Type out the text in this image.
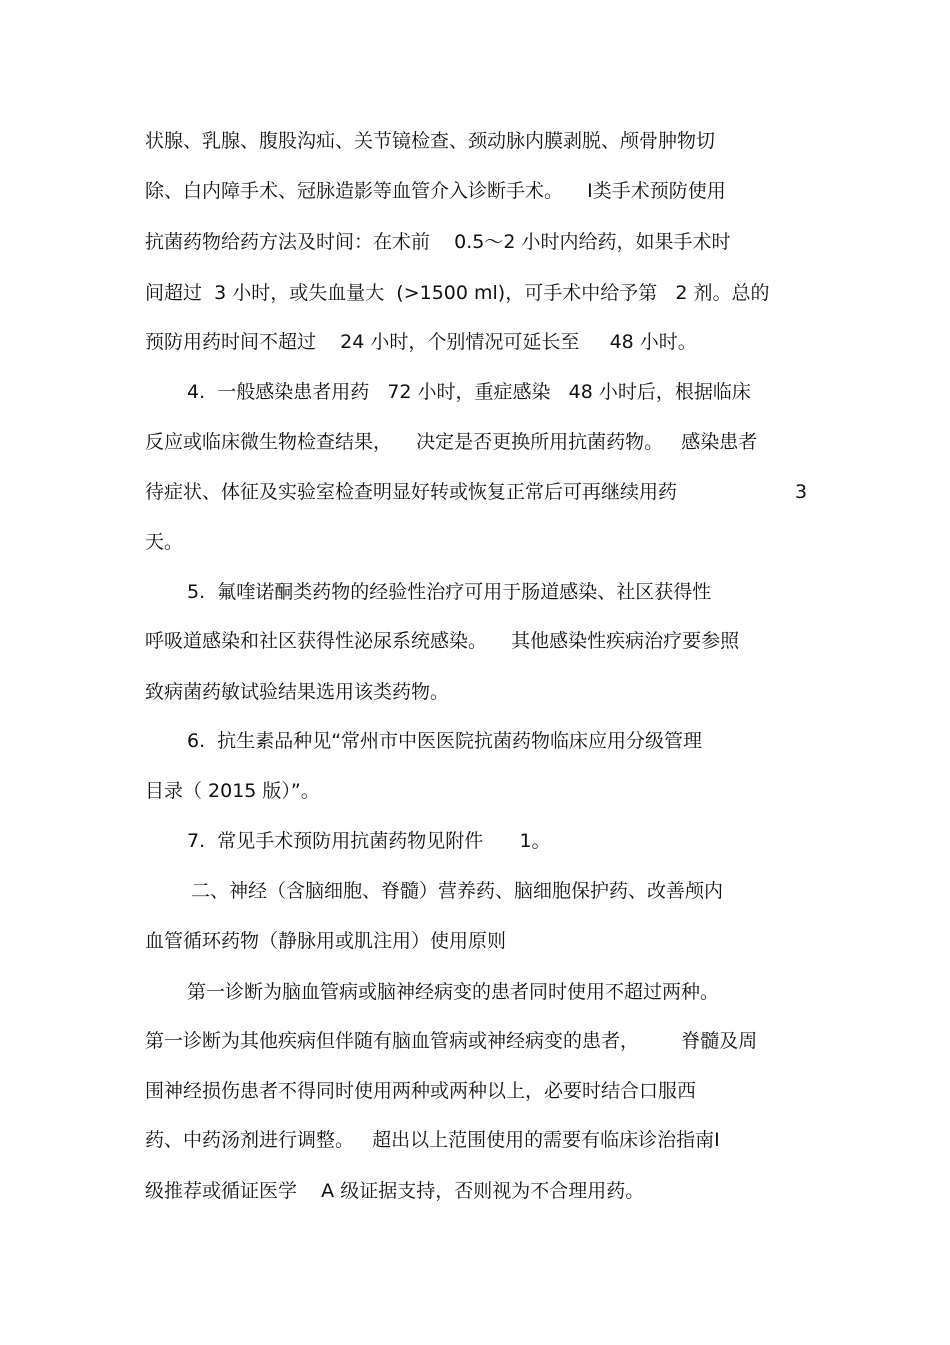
状腺、乳腺、腹股沟疝、关节镜检查、颈动脉内膜剥脱、颅骨肿物切
除、白内障手术、冠脉造影等血管介入诊断手术。    Ⅰ类手术预防使用
抗菌药物给药方法及时间：在术前    0.5～2 小时内给药，如果手术时
间超过  3 小时，或失血量大  (>1500 ml)，可手术中给予第   2 剂。总的
预防用药时间不超过    24 小时，个别情况可延长至     48 小时。
4.  一般感染患者用药   72 小时，重症感染   48 小时后，根据临床
反应或临床微生物检查结果，    决定是否更换所用抗菌药物。   感染患者
待症状、体征及实验室检查明显好转或恢复正常后可再继续用药	3
天。
5.  氟喹诺酮类药物的经验性治疗可用于肠道感染、社区获得性
呼吸道感染和社区获得性泌尿系统感染。    其他感染性疾病治疗要参照
致病菌药敏试验结果选用该类药物。
6.  抗生素品种见“常州市中医医院抗菌药物临床应用分级管理
目录（ 2015 版）”。
7.  常见手术预防用抗菌药物见附件      1。
二、神经（含脑细胞、脊髓）营养药、脑细胞保护药、改善颅内
血管循环药物（静脉用或肌注用）使用原则
第一诊断为脑血管病或脑神经病变的患者同时使用不超过两种。
第一诊断为其他疾病但伴随有脑血管病或神经病变的患者，       脊髓及周
围神经损伤患者不得同时使用两种或两种以上，必要时结合口服西
药、中药汤剂进行调整。   超出以上范围使用的需要有临床诊治指南Ⅰ
级推荐或循证医学    A 级证据支持，否则视为不合理用药。
